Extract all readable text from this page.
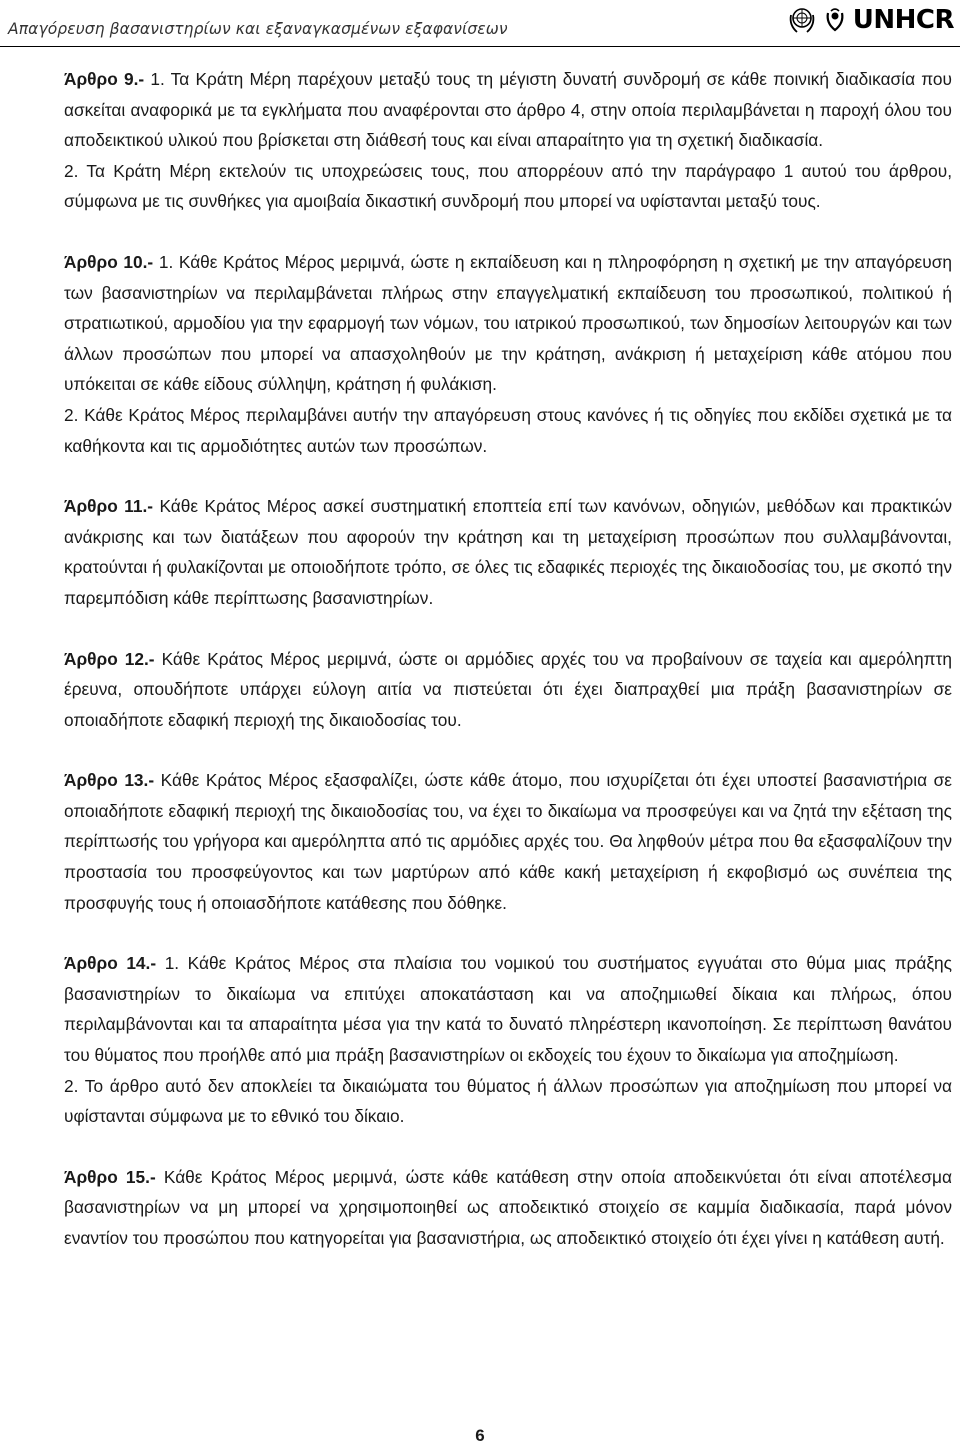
Απαγόρευση βασανιστηρίων και εξαναγκασμένων εξαφανίσεων	UNHCR

Άρθρο 9.- 1. Τα Κράτη Μέρη παρέχουν μεταξύ τους τη μέγιστη δυνατή συνδρομή σε κάθε ποινική διαδικασία που ασκείται αναφορικά με τα εγκλήματα που αναφέρονται στο άρθρο 4, στην οποία περιλαμβάνεται η παροχή όλου του αποδεικτικού υλικού που βρίσκεται στη διάθεσή τους και είναι απαραίτητο για τη σχετική διαδικασία.

2. Τα Κράτη Μέρη εκτελούν τις υποχρεώσεις τους, που απορρέουν από την παράγραφο 1 αυτού του άρθρου, σύμφωνα με τις συνθήκες για αμοιβαία δικαστική συνδρομή που μπορεί να υφίστανται μεταξύ τους.

Άρθρο 10.- 1. Κάθε Κράτος Μέρος μεριμνά, ώστε η εκπαίδευση και η πληροφόρηση η σχετική με την απαγόρευση των βασανιστηρίων να περιλαμβάνεται πλήρως στην επαγγελματική εκπαίδευση του προσωπικού, πολιτικού ή στρατιωτικού, αρμοδίου για την εφαρμογή των νόμων, του ιατρικού προσωπικού, των δημοσίων λειτουργών και των άλλων προσώπων που μπορεί να απασχοληθούν με την κράτηση, ανάκριση ή μεταχείριση κάθε ατόμου που υπόκειται σε κάθε είδους σύλληψη, κράτηση ή φυλάκιση.

2. Κάθε Κράτος Μέρος περιλαμβάνει αυτήν την απαγόρευση στους κανόνες ή τις οδηγίες που εκδίδει σχετικά με τα καθήκοντα και τις αρμοδιότητες αυτών των προσώπων.

Άρθρο 11.- Κάθε Κράτος Μέρος ασκεί συστηματική εποπτεία επί των κανόνων, οδηγιών, μεθόδων και πρακτικών ανάκρισης και των διατάξεων που αφορούν την κράτηση και τη μεταχείριση προσώπων που συλλαμβάνονται, κρατούνται ή φυλακίζονται με οποιοδήποτε τρόπο, σε όλες τις εδαφικές περιοχές της δικαιοδοσίας του, με σκοπό την παρεμπόδιση κάθε περίπτωσης βασανιστηρίων.

Άρθρο 12.- Κάθε Κράτος Μέρος μεριμνά, ώστε οι αρμόδιες αρχές του να προβαίνουν σε ταχεία και αμερόληπτη έρευνα, οπουδήποτε υπάρχει εύλογη αιτία να πιστεύεται ότι έχει διαπραχθεί μια πράξη βασανιστηρίων σε οποιαδήποτε εδαφική περιοχή της δικαιοδοσίας του.

Άρθρο 13.- Κάθε Κράτος Μέρος εξασφαλίζει, ώστε κάθε άτομο, που ισχυρίζεται ότι έχει υποστεί βασανιστήρια σε οποιαδήποτε εδαφική περιοχή της δικαιοδοσίας του, να έχει το δικαίωμα να προσφεύγει και να ζητά την εξέταση της περίπτωσής του γρήγορα και αμερόληπτα από τις αρμόδιες αρχές του. Θα ληφθούν μέτρα που θα εξασφαλίζουν την προστασία του προσφεύγοντος και των μαρτύρων από κάθε κακή μεταχείριση ή εκφοβισμό ως συνέπεια της προσφυγής τους ή οποιασδήποτε κατάθεσης που δόθηκε.

Άρθρο 14.- 1. Κάθε Κράτος Μέρος στα πλαίσια του νομικού του συστήματος εγγυάται στο θύμα μιας πράξης βασανιστηρίων το δικαίωμα να επιτύχει αποκατάσταση και να αποζημιωθεί δίκαια και πλήρως, όπου περιλαμβάνονται και τα απαραίτητα μέσα για την κατά το δυνατό πληρέστερη ικανοποίηση. Σε περίπτωση θανάτου του θύματος που προήλθε από μια πράξη βασανιστηρίων οι εκδοχείς του έχουν το δικαίωμα για αποζημίωση.

2. Το άρθρο αυτό δεν αποκλείει τα δικαιώματα του θύματος ή άλλων προσώπων για αποζημίωση που μπορεί να υφίστανται σύμφωνα με το εθνικό του δίκαιο.

Άρθρο 15.- Κάθε Κράτος Μέρος μεριμνά, ώστε κάθε κατάθεση στην οποία αποδεικνύεται ότι είναι αποτέλεσμα βασανιστηρίων να μη μπορεί να χρησιμοποιηθεί ως αποδεικτικό στοιχείο σε καμμία διαδικασία, παρά μόνον εναντίον του προσώπου που κατηγορείται για βασανιστήρια, ως αποδεικτικό στοιχείο ότι έχει γίνει η κατάθεση αυτή.

6
